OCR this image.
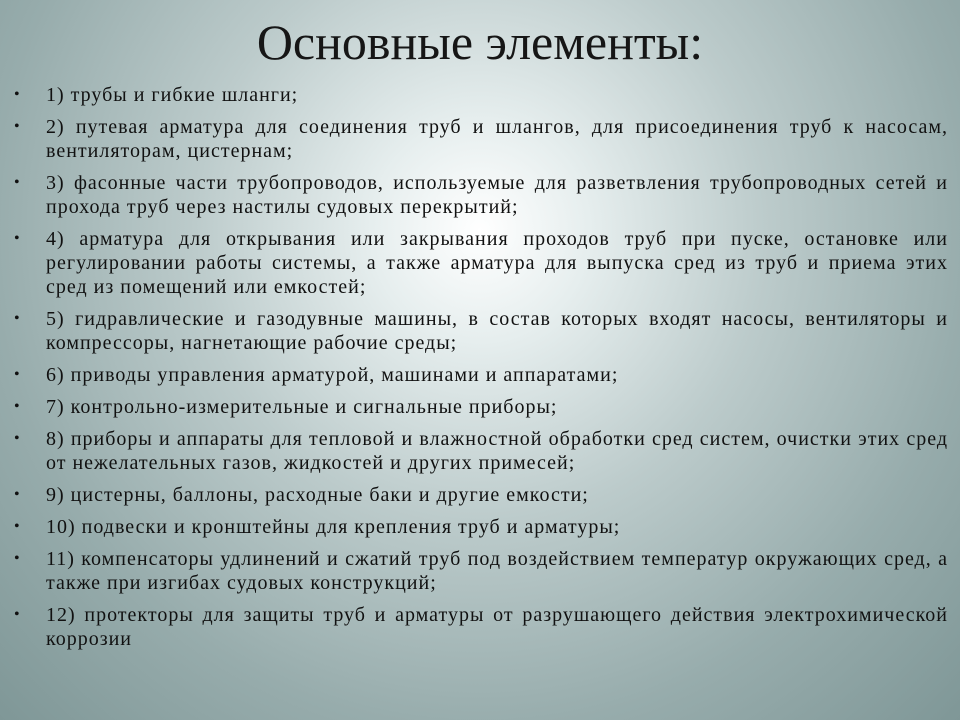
Основные элементы:
• 1) трубы и гибкие шланги;
• 2) путевая арматура для соединения труб и шлангов, для присоединения труб к насосам, вентиляторам, цистернам;
• 3) фасонные части трубопроводов, используемые для разветвления трубопроводных сетей и прохода труб через настилы судовых перекрытий;
• 4) арматура для открывания или закрывания проходов труб при пуске, остановке или регулировании работы системы, а также арматура для выпуска сред из труб и приема этих сред из помещений или емкостей;
• 5) гидравлические и газодувные машины, в состав которых входят насосы, вентиляторы и компрессоры, нагнетающие рабочие среды;
• 6) приводы управления арматурой, машинами и аппаратами;
• 7) контрольно-измерительные и сигнальные приборы;
• 8) приборы и аппараты для тепловой и влажностной обработки сред систем, очистки этих сред от нежелательных газов, жидкостей и других примесей;
• 9) цистерны, баллоны, расходные баки и другие емкости;
• 10) подвески и кронштейны для крепления труб и арматуры;
• 11) компенсаторы удлинений и сжатий труб под воздействием температур окружающих сред, а также при изгибах судовых конструкций;
• 12) протекторы для защиты труб и арматуры от разрушающего действия электрохимической коррозии
